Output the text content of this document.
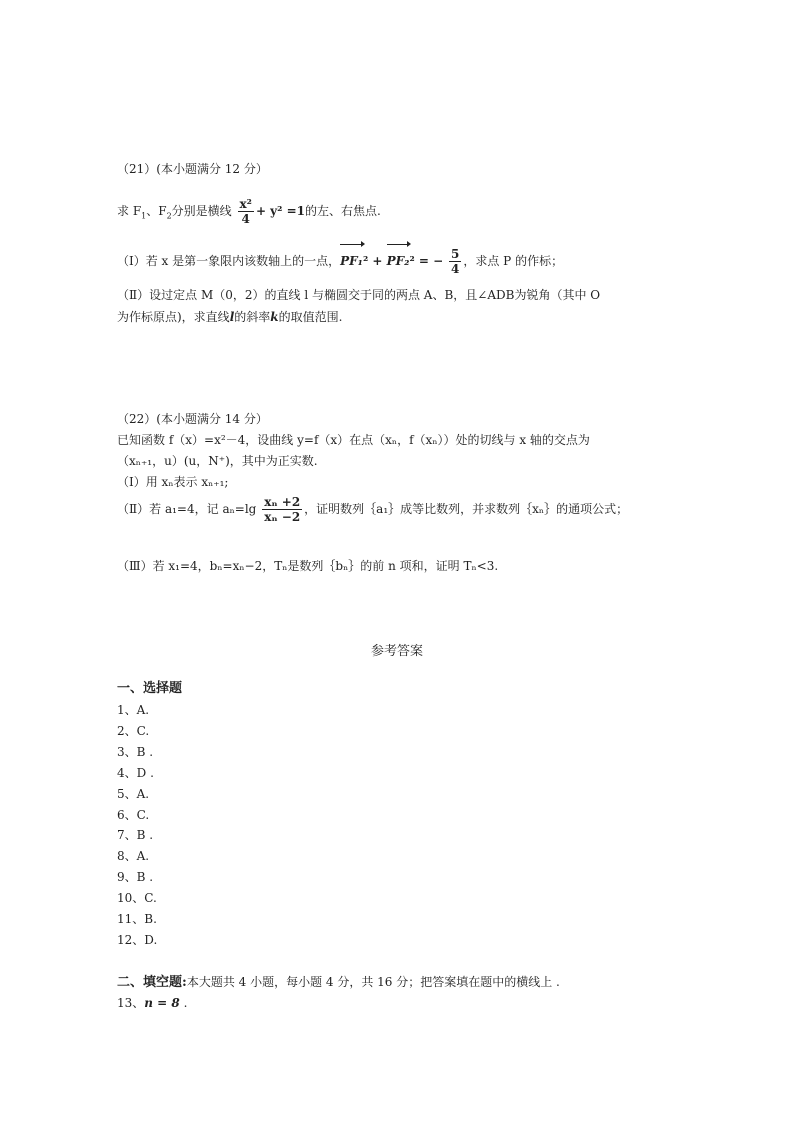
（21）(本小题满分 12 分）
求 $F_1$、$F_2$分别是横线 $\frac{\text{x²}}{4} + y^2 =1$的左、右焦点.
（Ⅰ）若 x 是第一象限内该数轴上的一点，PF₁² + PF₂² = − $\frac{5}{4}$ ，求点 P 的作标；
（Ⅱ）设过定点 M（0，2）的直线 l 与椭圆交于同的两点 A、B，且∠ADB为锐角（其中 O
为作标原点)，求直线l的斜率k的取值范围.
（22）(本小题满分 14 分）
已知函数 f（x）=x²－4，设曲线 y=f（x）在点（xₙ，f（xₙ））处的切线与 x 轴的交点为
（xₙ₊₁，u）(u，N⁺)，其中为正实数.
（Ⅰ）用 xₙ表示 xₙ₊₁;
（Ⅱ）若 a₁=4，记 $a_n=\lg \frac{\text{xₙ +2}}{\text{xₙ −2}}$ ，证明数列｛a₁｝成等比数列，并求数列｛xₙ｝的通项公式；
（Ⅲ）若 x₁=4，bₙ=xₙ−2，Tₙ是数列｛bₙ｝的前 n 项和，证明 Tₙ<3.
参考答案
一、选择题
1、A.
2、C.
3、B .
4、D .
5、A.
6、C.
7、B .
8、A.
9、B .
10、C.
11、B.
12、D.
二、填空题:本大题共 4 小题，每小题 4 分，共 16 分；把答案填在题中的横线上 .
13、n = 8 .
